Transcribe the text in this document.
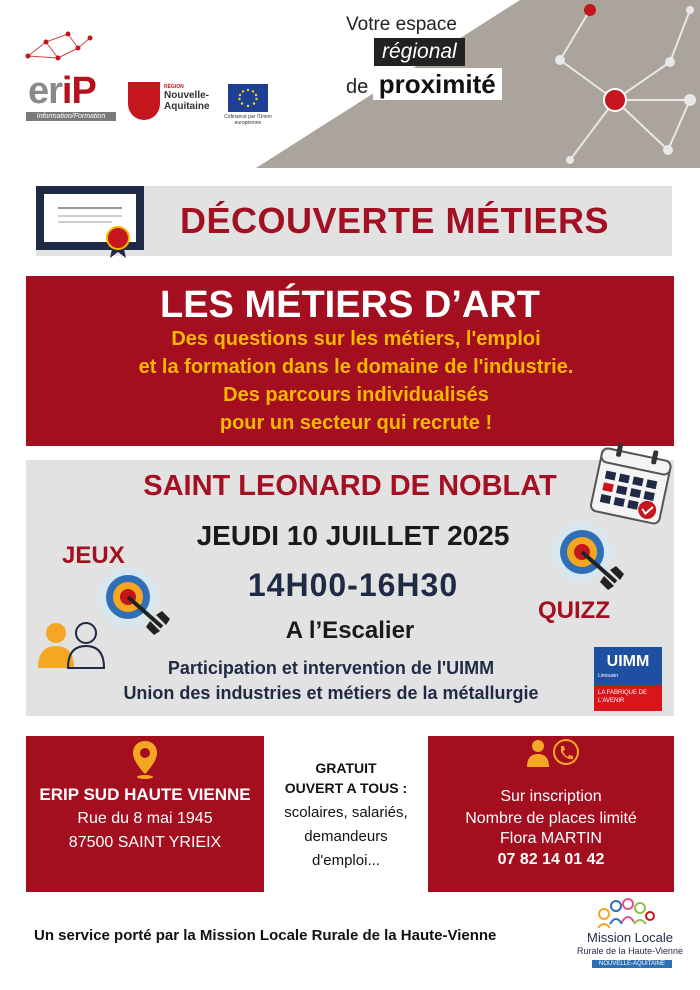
eriP
Information/Formation
RÉGION
Nouvelle-Aquitaine
Cofinancé par l'Union européenne
Votre espace
régional
de proximité
DÉCOUVERTE MÉTIERS
LES MÉTIERS D’ART
Des questions sur les métiers, l'emploi
et la formation dans le domaine de l'industrie.
Des parcours individualisés
pour un secteur qui recrute !
SAINT LEONARD DE NOBLAT
JEUDI 10 JUILLET 2025
JEUX
14H00-16H30
QUIZZ
A l’Escalier
Participation et intervention de l'UIMM
Union des industries et métiers de la métallurgie
UIMM
Limousin
LA FABRIQUE DE L'AVENIR
ERIP SUD HAUTE VIENNE
Rue du 8 mai 1945
87500 SAINT YRIEIX
GRATUIT
OUVERT A TOUS :
scolaires, salariés,
demandeurs
d'emploi...
Sur inscription
Nombre de places limité
Flora MARTIN
07 82 14 01 42
Un service porté par la Mission Locale Rurale de la Haute-Vienne	Mission Locale
Rurale de la Haute-Vienne
NOUVELLE-AQUITAINE
